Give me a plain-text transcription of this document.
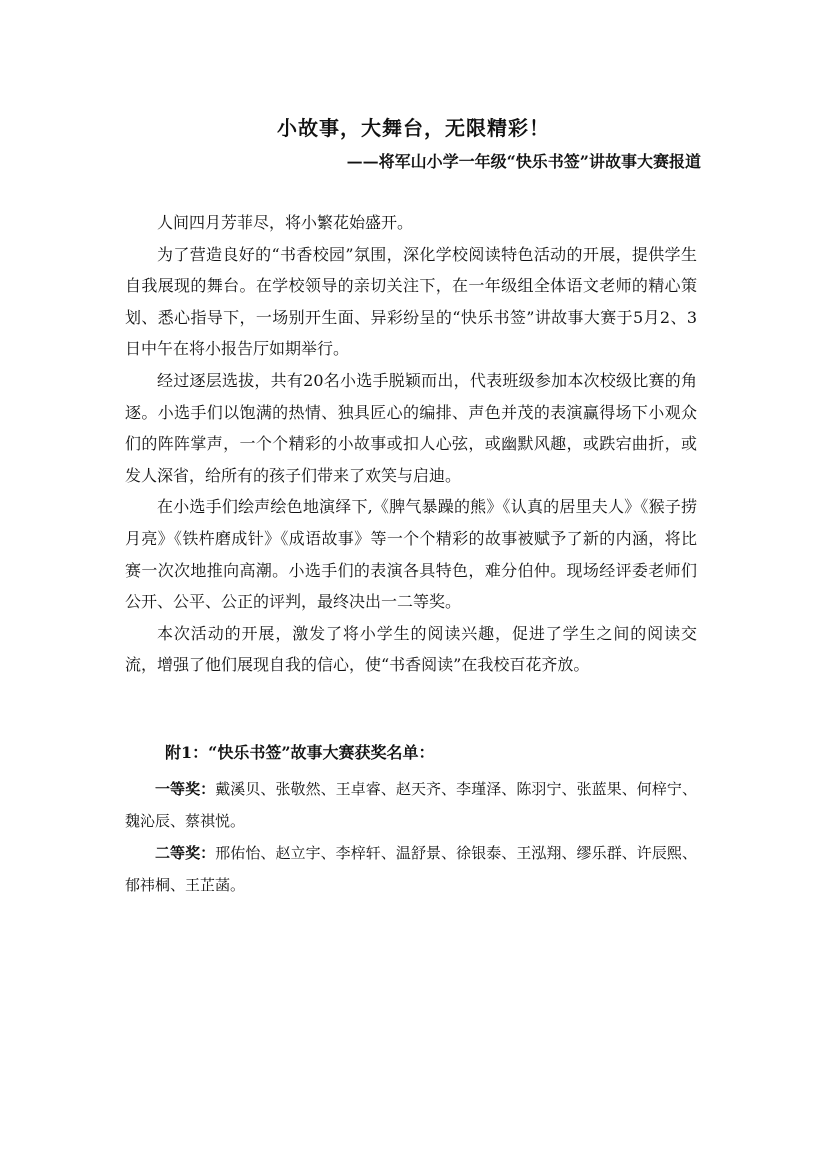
小故事，大舞台，无限精彩！
——将军山小学一年级“快乐书签”讲故事大赛报道

人间四月芳菲尽，将小繁花始盛开。

为了营造良好的“书香校园”氛围，深化学校阅读特色活动的开展，提供学生自我展现的舞台。在学校领导的亲切关注下，在一年级组全体语文老师的精心策划、悉心指导下，一场别开生面、异彩纷呈的“快乐书签”讲故事大赛于5月2、3日中午在将小报告厅如期举行。

经过逐层选拔，共有20名小选手脱颖而出，代表班级参加本次校级比赛的角逐。小选手们以饱满的热情、独具匠心的编排、声色并茂的表演赢得场下小观众们的阵阵掌声，一个个精彩的小故事或扣人心弦，或幽默风趣，或跌宕曲折，或发人深省，给所有的孩子们带来了欢笑与启迪。

在小选手们绘声绘色地演绎下,《脾气暴躁的熊》《认真的居里夫人》《猴子捞月亮》《铁杵磨成针》《成语故事》等一个个精彩的故事被赋予了新的内涵，将比赛一次次地推向高潮。小选手们的表演各具特色，难分伯仲。现场经评委老师们公开、公平、公正的评判，最终决出一二等奖。

本次活动的开展，激发了将小学生的阅读兴趣，促进了学生之间的阅读交流，增强了他们展现自我的信心，使“书香阅读”在我校百花齐放。

附1：“快乐书签”故事大赛获奖名单：

一等奖：戴溪贝、张敬然、王卓睿、赵天齐、李瑾泽、陈羽宁、张蓝果、何梓宁、魏沁辰、蔡祺悦。

二等奖：邢佑怡、赵立宇、李梓轩、温舒景、徐银泰、王泓翔、缪乐群、许辰熙、郁祎桐、王芷菡。
